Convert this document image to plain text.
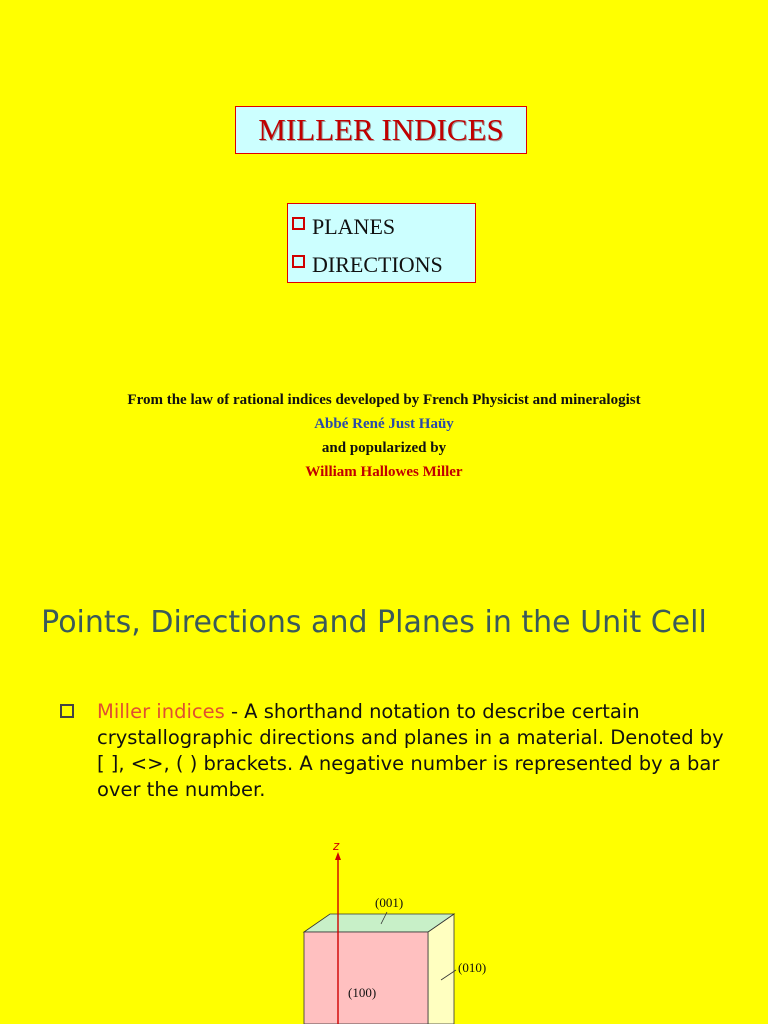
MILLER INDICES
PLANES
DIRECTIONS
From the law of rational indices developed by French Physicist and mineralogist
Abbé René Just Haüy
and popularized by
William Hallowes Miller
Points, Directions and Planes in the Unit Cell
Miller indices - A shorthand notation to describe certain crystallographic directions and planes in a material. Denoted by [ ], <>, ( ) brackets. A negative number is represented by a bar over the number.
z
(001)
(010)
(100)
